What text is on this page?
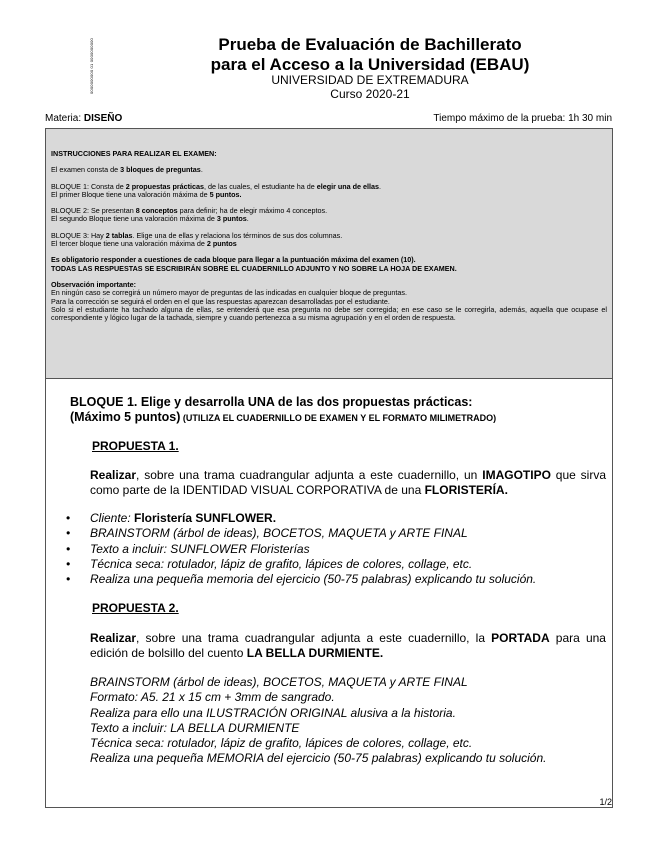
0000000000 01 0000000000	Prueba de Evaluación de Bachillerato
para el Acceso a la Universidad (EBAU)
UNIVERSIDAD DE EXTREMADURA
Curso 2020-21
Materia: DISEÑO	Tiempo máximo de la prueba: 1h 30 min

INSTRUCCIONES PARA REALIZAR EL EXAMEN:

El examen consta de 3 bloques de preguntas.

BLOQUE 1: Consta de 2 propuestas prácticas, de las cuales, el estudiante ha de elegir una de ellas.
El primer Bloque tiene una valoración máxima de 5 puntos.

BLOQUE 2: Se presentan 8 conceptos para definir; ha de elegir máximo 4 conceptos.
El segundo Bloque tiene una valoración máxima de 3 puntos.

BLOQUE 3: Hay 2 tablas. Elige una de ellas y relaciona los términos de sus dos columnas.
El tercer bloque tiene una valoración máxima de 2 puntos

Es obligatorio responder a cuestiones de cada bloque para llegar a la puntuación máxima del examen (10).
TODAS LAS RESPUESTAS SE ESCRIBIRÁN SOBRE EL CUADERNILLO ADJUNTO Y NO SOBRE LA HOJA DE EXAMEN.

Observación importante:
En ningún caso se corregirá un número mayor de preguntas de las indicadas en cualquier bloque de preguntas.
Para la corrección se seguirá el orden en el que las respuestas aparezcan desarrolladas por el estudiante.
Solo si el estudiante ha tachado alguna de ellas, se entenderá que esa pregunta no debe ser corregida; en ese caso se le corregirla, además, aquella que ocupase el correspondiente y lógico lugar de la tachada, siempre y cuando pertenezca a su misma agrupación y en el orden de respuesta.

BLOQUE 1. Elige y desarrolla UNA de las dos propuestas prácticas:
(Máximo 5 puntos) (UTILIZA EL CUADERNILLO DE EXAMEN Y EL FORMATO MILIMETRADO)
PROPUESTA 1.
Realizar, sobre una trama cuadrangular adjunta a este cuadernillo, un IMAGOTIPO que sirva como parte de la IDENTIDAD VISUAL CORPORATIVA de una FLORISTERÍA.
• Cliente: Floristería SUNFLOWER.
• BRAINSTORM (árbol de ideas), BOCETOS, MAQUETA y ARTE FINAL
• Texto a incluir: SUNFLOWER Floristerías
• Técnica seca: rotulador, lápiz de grafito, lápices de colores, collage, etc.
• Realiza una pequeña memoria del ejercicio (50-75 palabras) explicando tu solución.
PROPUESTA 2.
Realizar, sobre una trama cuadrangular adjunta a este cuadernillo, la PORTADA para una edición de bolsillo del cuento LA BELLA DURMIENTE.
BRAINSTORM (árbol de ideas), BOCETOS, MAQUETA y ARTE FINAL
Formato: A5. 21 x 15 cm + 3mm de sangrado.
Realiza para ello una ILUSTRACIÓN ORIGINAL alusiva a la historia.
Texto a incluir: LA BELLA DURMIENTE
Técnica seca: rotulador, lápiz de grafito, lápices de colores, collage, etc.
Realiza una pequeña MEMORIA del ejercicio (50-75 palabras) explicando tu solución.
1/2
